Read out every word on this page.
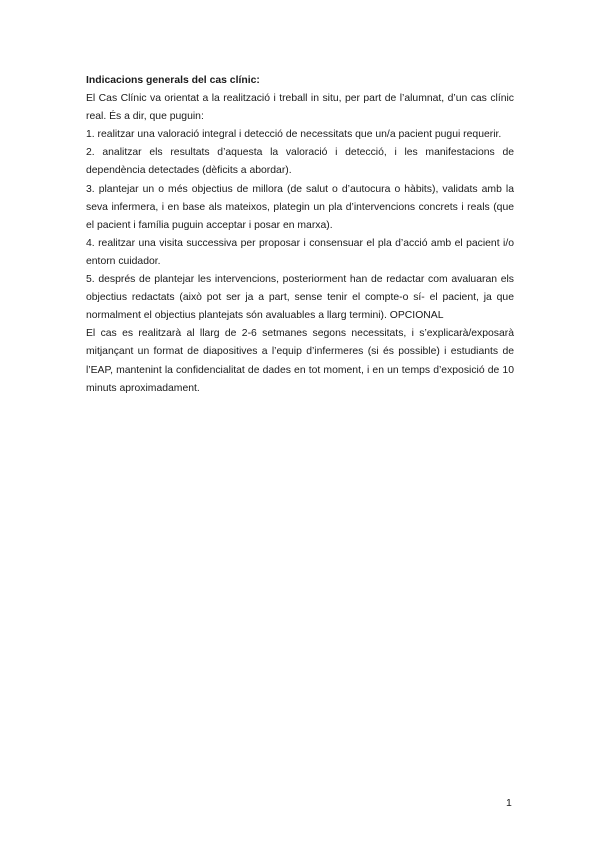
Indicacions generals del cas clínic:

El Cas Clínic va orientat a la realització i treball in situ, per part de l’alumnat, d’un cas clínic real. És a dir, que puguin:

1. realitzar una valoració integral i detecció de necessitats que un/a pacient pugui requerir.

2. analitzar els resultats d’aquesta la valoració i detecció, i les manifestacions de dependència detectades (dèficits a abordar).

3. plantejar un o més objectius de millora (de salut o d’autocura o hàbits), validats amb la seva infermera, i en base als mateixos, plategin un pla d’intervencions concrets i reals (que el pacient i família puguin acceptar i posar en marxa).

4. realitzar una visita successiva per proposar i consensuar el pla d’acció amb el pacient i/o entorn cuidador.

5. després de plantejar les intervencions, posteriorment han de redactar com avaluaran els objectius redactats (això pot ser ja a part, sense tenir el compte-o sí- el pacient, ja que normalment el objectius plantejats són avaluables a llarg termini). OPCIONAL

El cas es realitzarà al llarg de 2-6 setmanes segons necessitats, i s’explicarà/exposarà mitjançant un format de diapositives a l’equip d’infermeres (si és possible) i estudiants de l’EAP, mantenint la confidencialitat de dades en tot moment, i en un temps d’exposició de 10 minuts aproximadament.

1
